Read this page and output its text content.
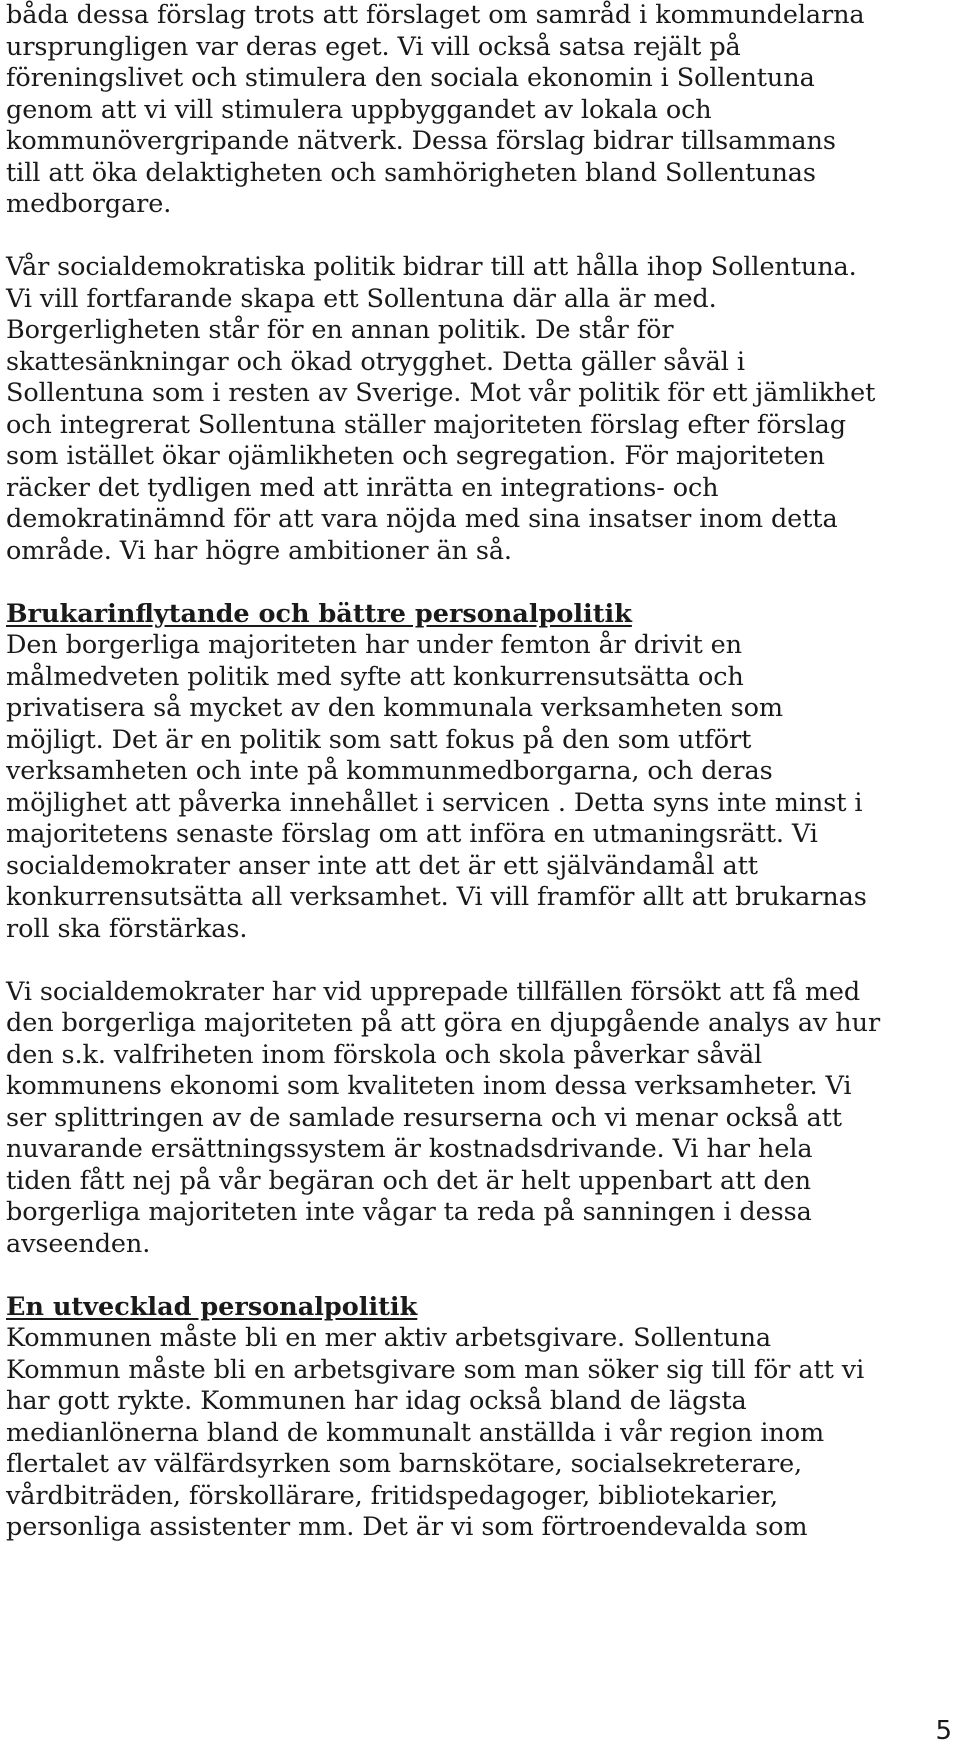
båda dessa förslag trots att förslaget om samråd i kommundelarna
ursprungligen var deras eget. Vi vill också satsa rejält på
föreningslivet och stimulera den sociala ekonomin i Sollentuna
genom att vi vill stimulera uppbyggandet av lokala och
kommunövergripande nätverk. Dessa förslag bidrar tillsammans
till att öka delaktigheten och samhörigheten bland Sollentunas
medborgare.

Vår socialdemokratiska politik bidrar till att hålla ihop Sollentuna.
Vi vill fortfarande skapa ett Sollentuna där alla är med.
Borgerligheten står för en annan politik. De står för
skattesänkningar och ökad otrygghet. Detta gäller såväl i
Sollentuna som i resten av Sverige. Mot vår politik för ett jämlikhet
och integrerat Sollentuna ställer majoriteten förslag efter förslag
som istället ökar ojämlikheten och segregation. För majoriteten
räcker det tydligen med att inrätta en integrations- och
demokratinämnd för att vara nöjda med sina insatser inom detta
område. Vi har högre ambitioner än så.

Brukarinflytande och bättre personalpolitik

Den borgerliga majoriteten har under femton år drivit en
målmedveten politik med syfte att konkurrensutsätta och
privatisera så mycket av den kommunala verksamheten som
möjligt. Det är en politik som satt fokus på den som utfört
verksamheten och inte på kommunmedborgarna, och deras
möjlighet att påverka innehållet i servicen . Detta syns inte minst i
majoritetens senaste förslag om att införa en utmaningsrätt. Vi
socialdemokrater anser inte att det är ett självändamål att
konkurrensutsätta all verksamhet. Vi vill framför allt att brukarnas
roll ska förstärkas.

Vi socialdemokrater har vid upprepade tillfällen försökt att få med
den borgerliga majoriteten på att göra en djupgående analys av hur
den s.k. valfriheten inom förskola och skola påverkar såväl
kommunens ekonomi som kvaliteten inom dessa verksamheter. Vi
ser splittringen av de samlade resurserna och vi menar också att
nuvarande ersättningssystem är kostnadsdrivande. Vi har hela
tiden fått nej på vår begäran och det är helt uppenbart att den
borgerliga majoriteten inte vågar ta reda på sanningen i dessa
avseenden.

En utvecklad personalpolitik

Kommunen måste bli en mer aktiv arbetsgivare. Sollentuna
Kommun måste bli en arbetsgivare som man söker sig till för att vi
har gott rykte. Kommunen har idag också bland de lägsta
medianlönerna bland de kommunalt anställda i vår region inom
flertalet av välfärdsyrken som barnskötare, socialsekreterare,
vårdbiträden, förskollärare, fritidspedagoger, bibliotekarier,
personliga assistenter mm. Det är vi som förtroendevalda som

5
